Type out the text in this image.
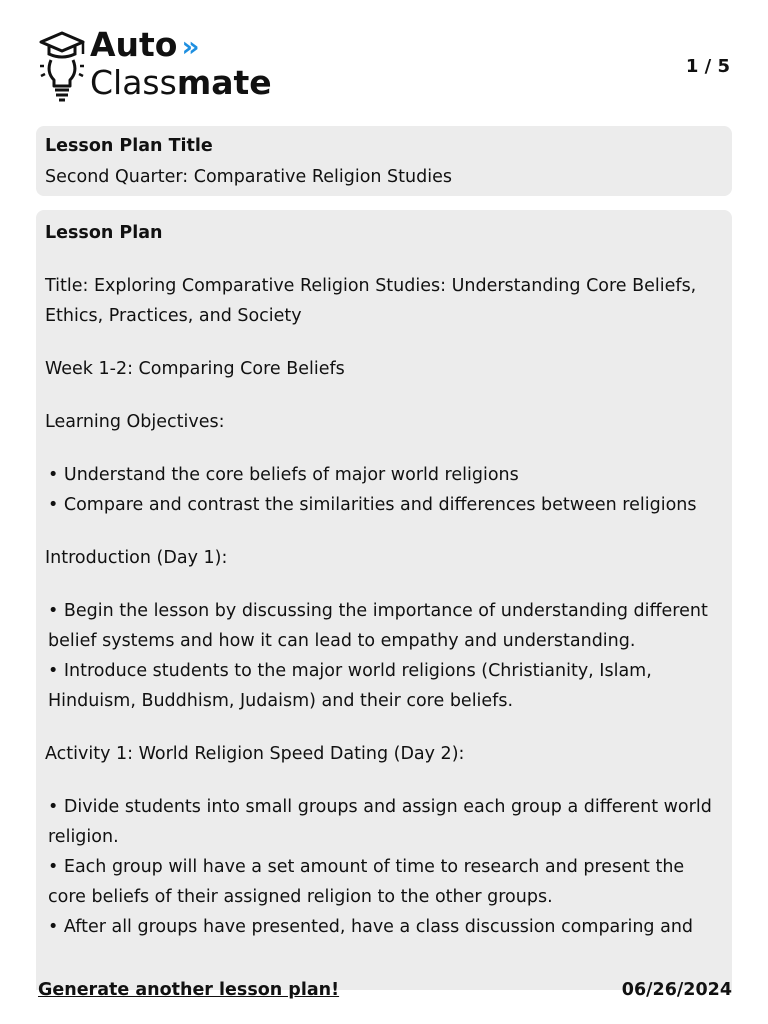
Auto »
Classmate	1 / 5

Lesson Plan Title

Second Quarter: Comparative Religion Studies

Lesson Plan

Title: Exploring Comparative Religion Studies: Understanding Core Beliefs, Ethics, Practices, and Society

Week 1-2: Comparing Core Beliefs

Learning Objectives:

• Understand the core beliefs of major world religions

• Compare and contrast the similarities and differences between religions

Introduction (Day 1):

• Begin the lesson by discussing the importance of understanding different belief systems and how it can lead to empathy and understanding.

• Introduce students to the major world religions (Christianity, Islam, Hinduism, Buddhism, Judaism) and their core beliefs.

Activity 1: World Religion Speed Dating (Day 2):

• Divide students into small groups and assign each group a different world religion.

• Each group will have a set amount of time to research and present the core beliefs of their assigned religion to the other groups.

• After all groups have presented, have a class discussion comparing and

Generate another lesson plan!	06/26/2024
